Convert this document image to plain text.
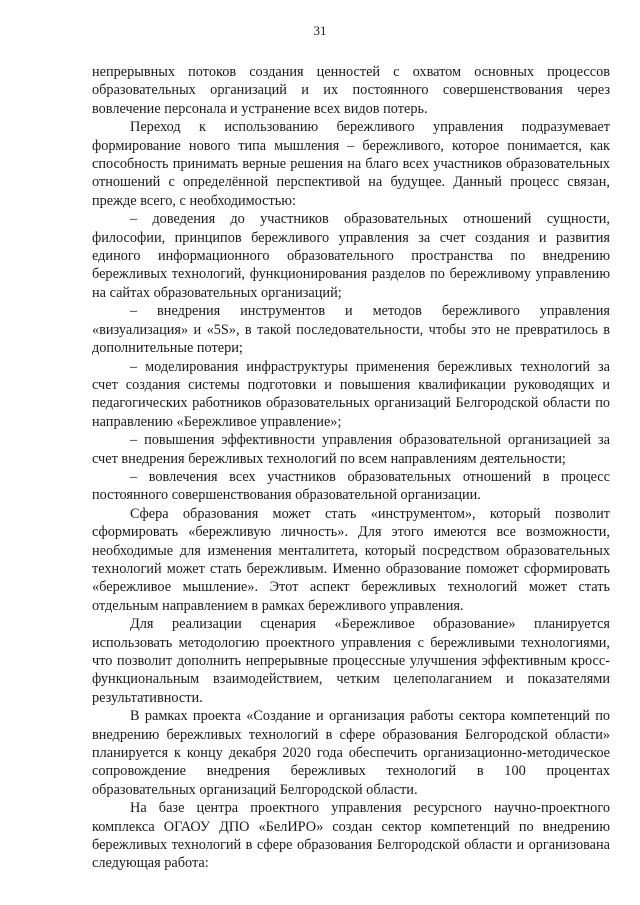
31

непрерывных потоков создания ценностей с охватом основных процессов образовательных организаций и их постоянного совершенствования через вовлечение персонала и устранение всех видов потерь.

Переход к использованию бережливого управления подразумевает формирование нового типа мышления – бережливого, которое понимается, как способность принимать верные решения на благо всех участников образовательных отношений с определённой перспективой на будущее. Данный процесс связан, прежде всего, с необходимостью:

– доведения до участников образовательных отношений сущности, философии, принципов бережливого управления за счет создания и развития единого информационного образовательного пространства по внедрению бережливых технологий, функционирования разделов по бережливому управлению на сайтах образовательных организаций;

– внедрения инструментов и методов бережливого управления «визуализация» и «5S», в такой последовательности, чтобы это не превратилось в дополнительные потери;

– моделирования инфраструктуры применения бережливых технологий за счет создания системы подготовки и повышения квалификации руководящих и педагогических работников образовательных организаций Белгородской области по направлению «Бережливое управление»;

– повышения эффективности управления образовательной организацией за счет внедрения бережливых технологий по всем направлениям деятельности;

– вовлечения всех участников образовательных отношений в процесс постоянного совершенствования образовательной организации.

Сфера образования может стать «инструментом», который позволит сформировать «бережливую личность». Для этого имеются все возможности, необходимые для изменения менталитета, который посредством образовательных технологий может стать бережливым. Именно образование поможет сформировать «бережливое мышление». Этот аспект бережливых технологий может стать отдельным направлением в рамках бережливого управления.

Для реализации сценария «Бережливое образование» планируется использовать методологию проектного управления с бережливыми технологиями, что позволит дополнить непрерывные процессные улучшения эффективным кросс-функциональным взаимодействием, четким целеполаганием и показателями результативности.

В рамках проекта «Создание и организация работы сектора компетенций по внедрению бережливых технологий в сфере образования Белгородской области» планируется к концу декабря 2020 года обеспечить организационно-методическое сопровождение внедрения бережливых технологий в 100 процентах образовательных организаций Белгородской области.

На базе центра проектного управления ресурсного научно-проектного комплекса ОГАОУ ДПО «БелИРО» создан сектор компетенций по внедрению бережливых технологий в сфере образования Белгородской области и организована следующая работа:
